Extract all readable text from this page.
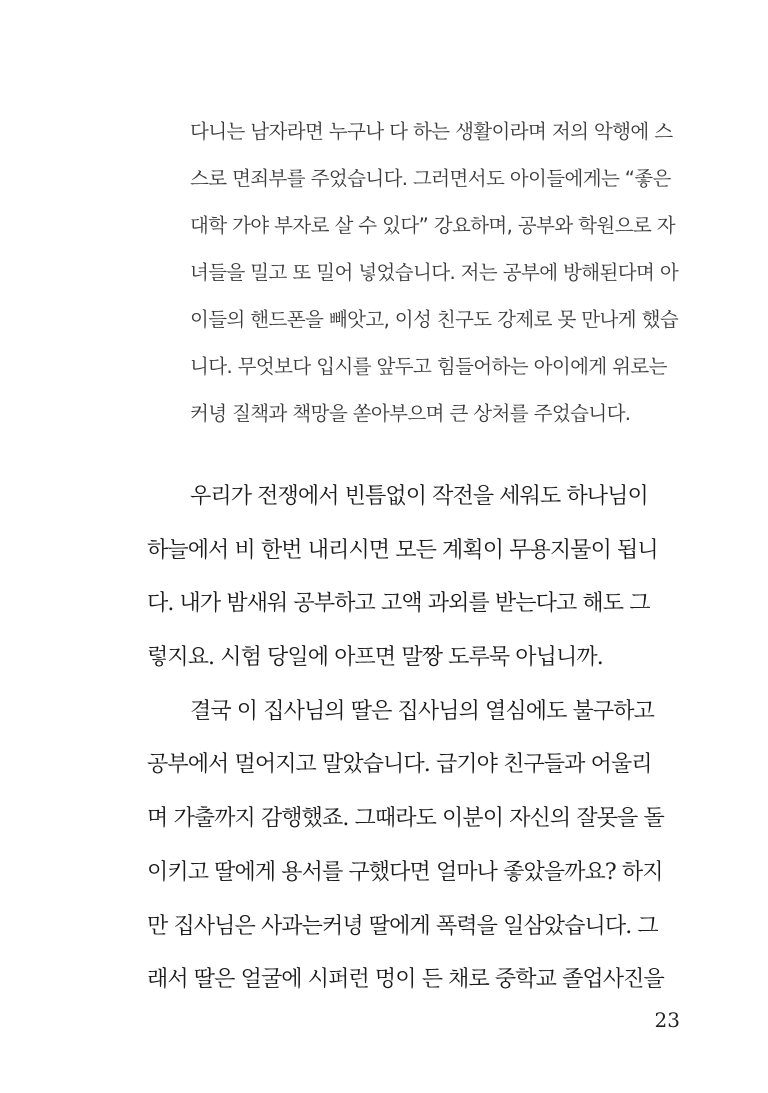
다니는 남자라면 누구나 다 하는 생활이라며 저의 악행에 스
스로 면죄부를 주었습니다. 그러면서도 아이들에게는 “좋은
대학 가야 부자로 살 수 있다” 강요하며, 공부와 학원으로 자
녀들을 밀고 또 밀어 넣었습니다. 저는 공부에 방해된다며 아
이들의 핸드폰을 빼앗고, 이성 친구도 강제로 못 만나게 했습
니다. 무엇보다 입시를 앞두고 힘들어하는 아이에게 위로는
커녕 질책과 책망을 쏟아부으며 큰 상처를 주었습니다.
우리가 전쟁에서 빈틈없이 작전을 세워도 하나님이
하늘에서 비 한번 내리시면 모든 계획이 무용지물이 됩니
다. 내가 밤새워 공부하고 고액 과외를 받는다고 해도 그
렇지요. 시험 당일에 아프면 말짱 도루묵 아닙니까.
결국 이 집사님의 딸은 집사님의 열심에도 불구하고
공부에서 멀어지고 말았습니다. 급기야 친구들과 어울리
며 가출까지 감행했죠. 그때라도 이분이 자신의 잘못을 돌
이키고 딸에게 용서를 구했다면 얼마나 좋았을까요? 하지
만 집사님은 사과는커녕 딸에게 폭력을 일삼았습니다. 그
래서 딸은 얼굴에 시퍼런 멍이 든 채로 중학교 졸업사진을
23
